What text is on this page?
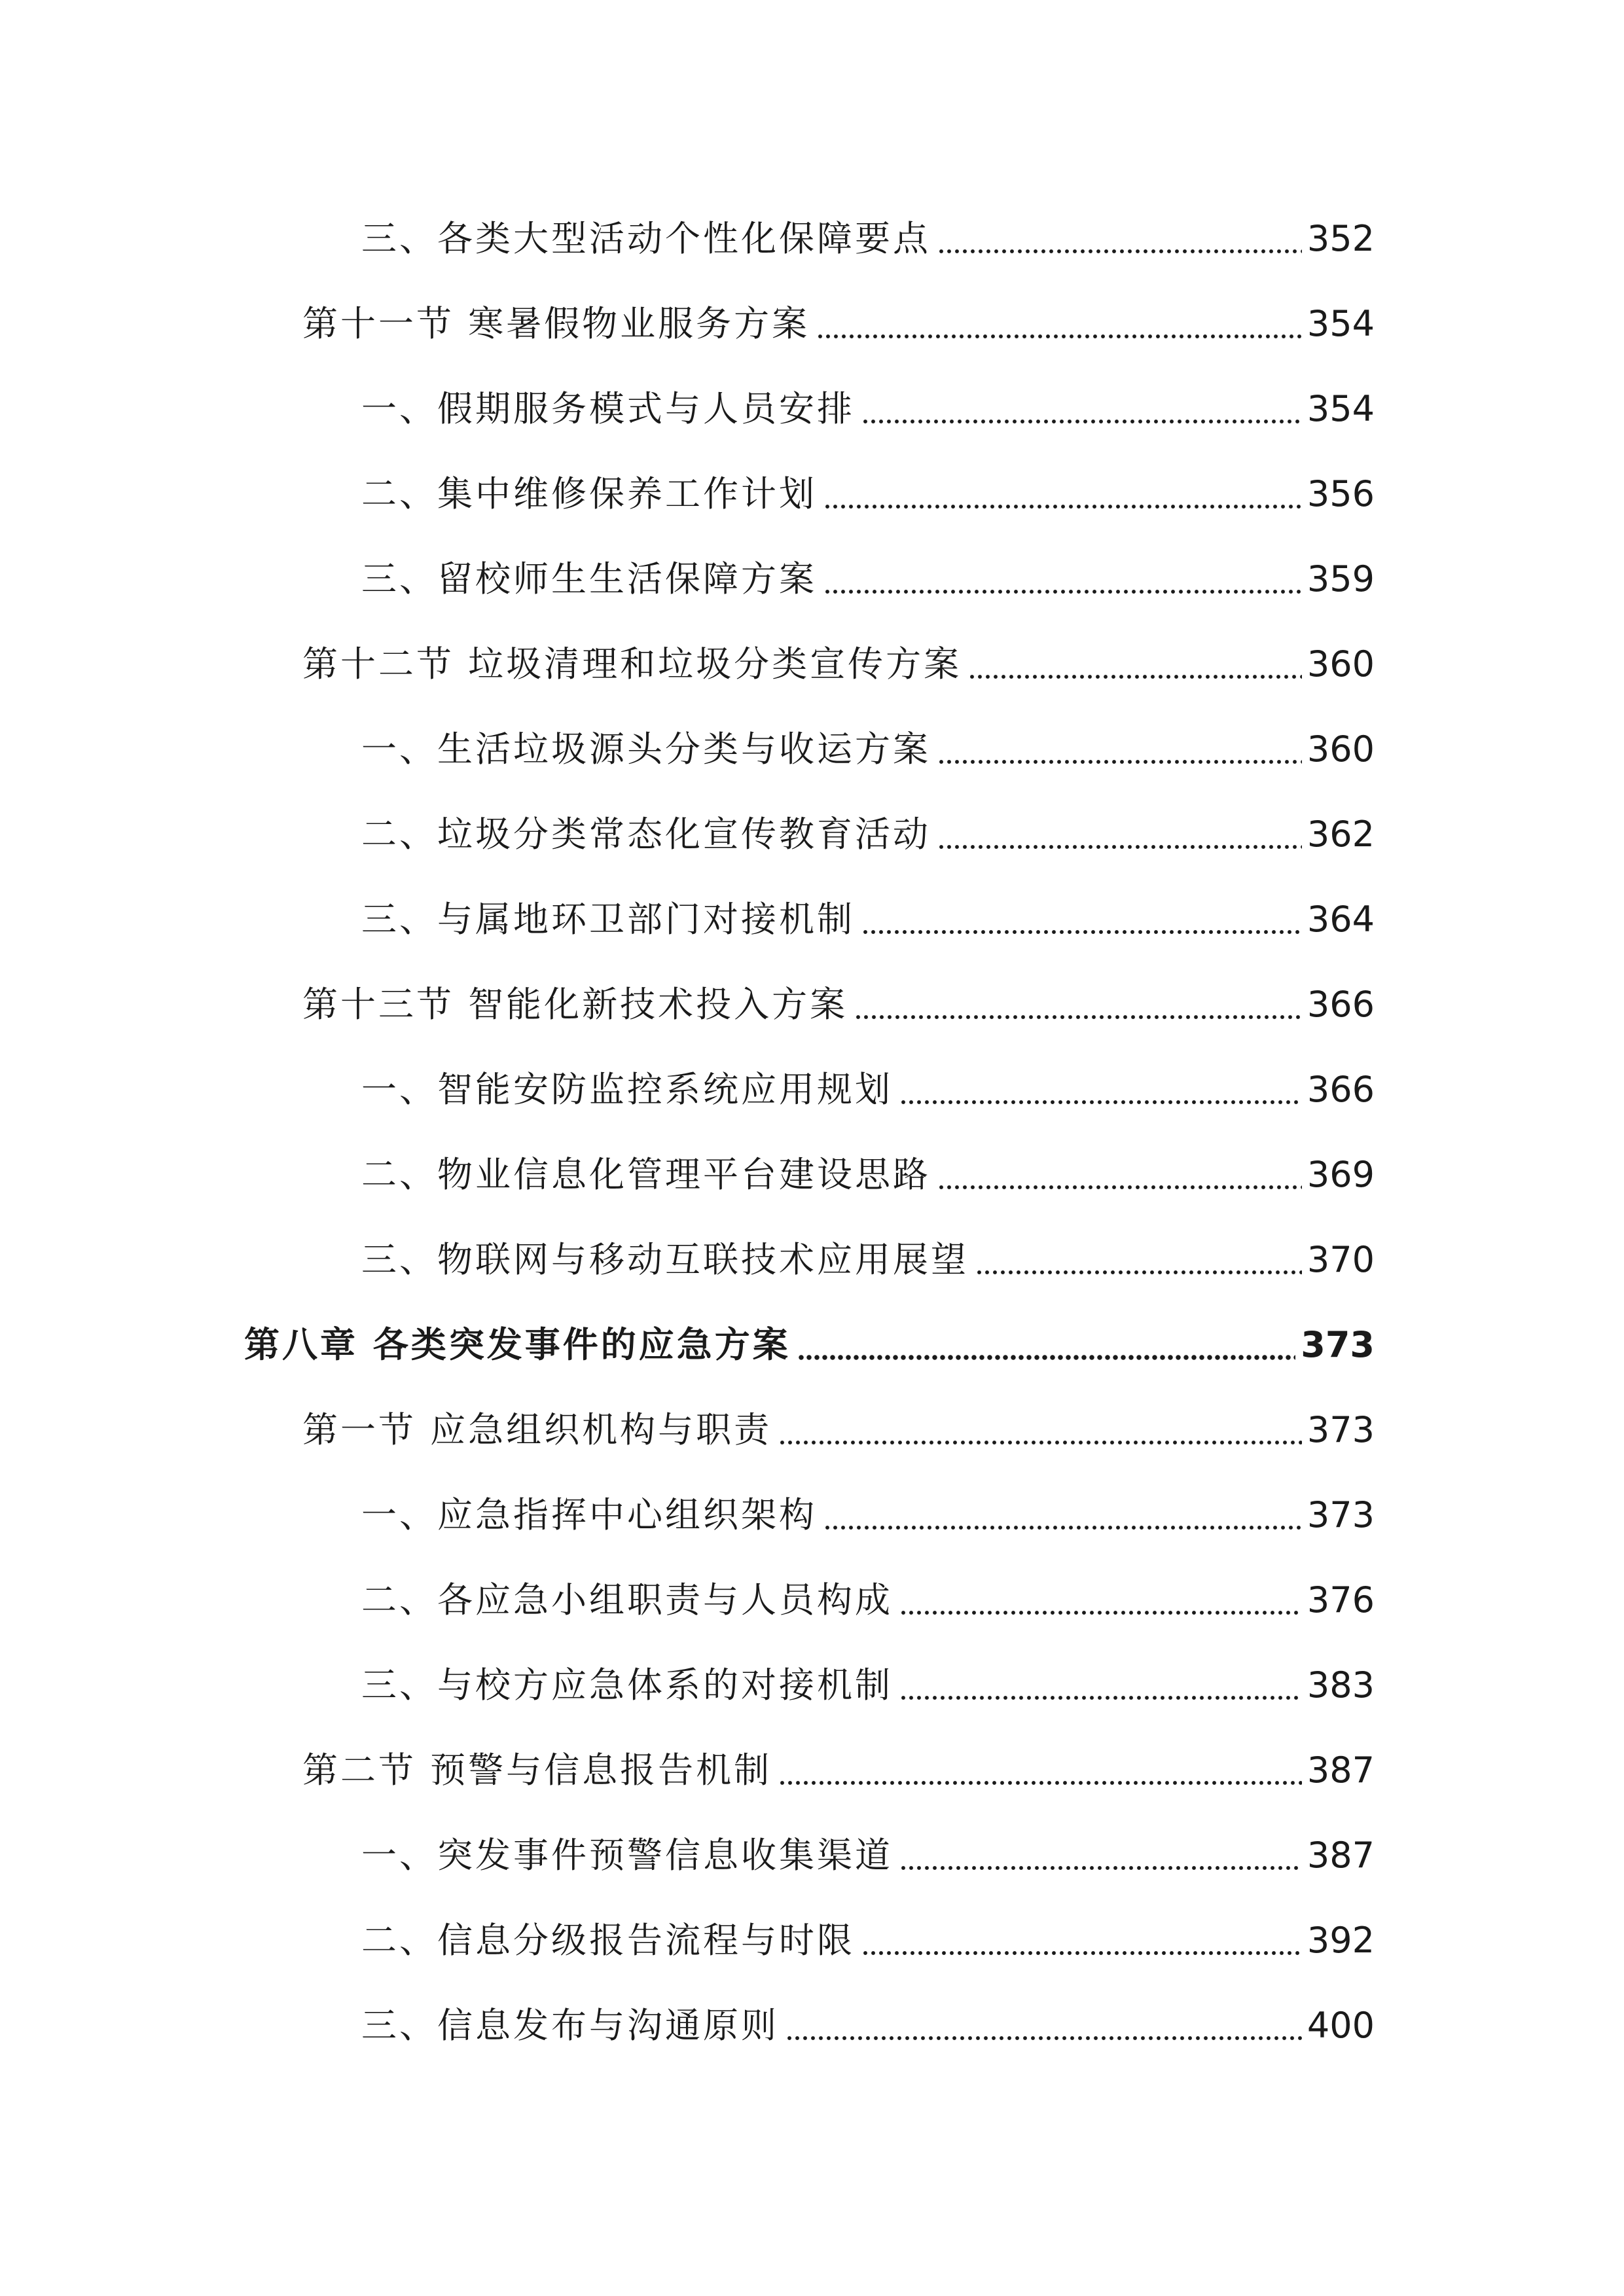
三、各类大型活动个性化保障要点	352
第十一节 寒暑假物业服务方案	354
一、假期服务模式与人员安排	354
二、集中维修保养工作计划	356
三、留校师生生活保障方案	359
第十二节 垃圾清理和垃圾分类宣传方案	360
一、生活垃圾源头分类与收运方案	360
二、垃圾分类常态化宣传教育活动	362
三、与属地环卫部门对接机制	364
第十三节 智能化新技术投入方案	366
一、智能安防监控系统应用规划	366
二、物业信息化管理平台建设思路	369
三、物联网与移动互联技术应用展望	370
第八章 各类突发事件的应急方案	373
第一节 应急组织机构与职责	373
一、应急指挥中心组织架构	373
二、各应急小组职责与人员构成	376
三、与校方应急体系的对接机制	383
第二节 预警与信息报告机制	387
一、突发事件预警信息收集渠道	387
二、信息分级报告流程与时限	392
三、信息发布与沟通原则	400
